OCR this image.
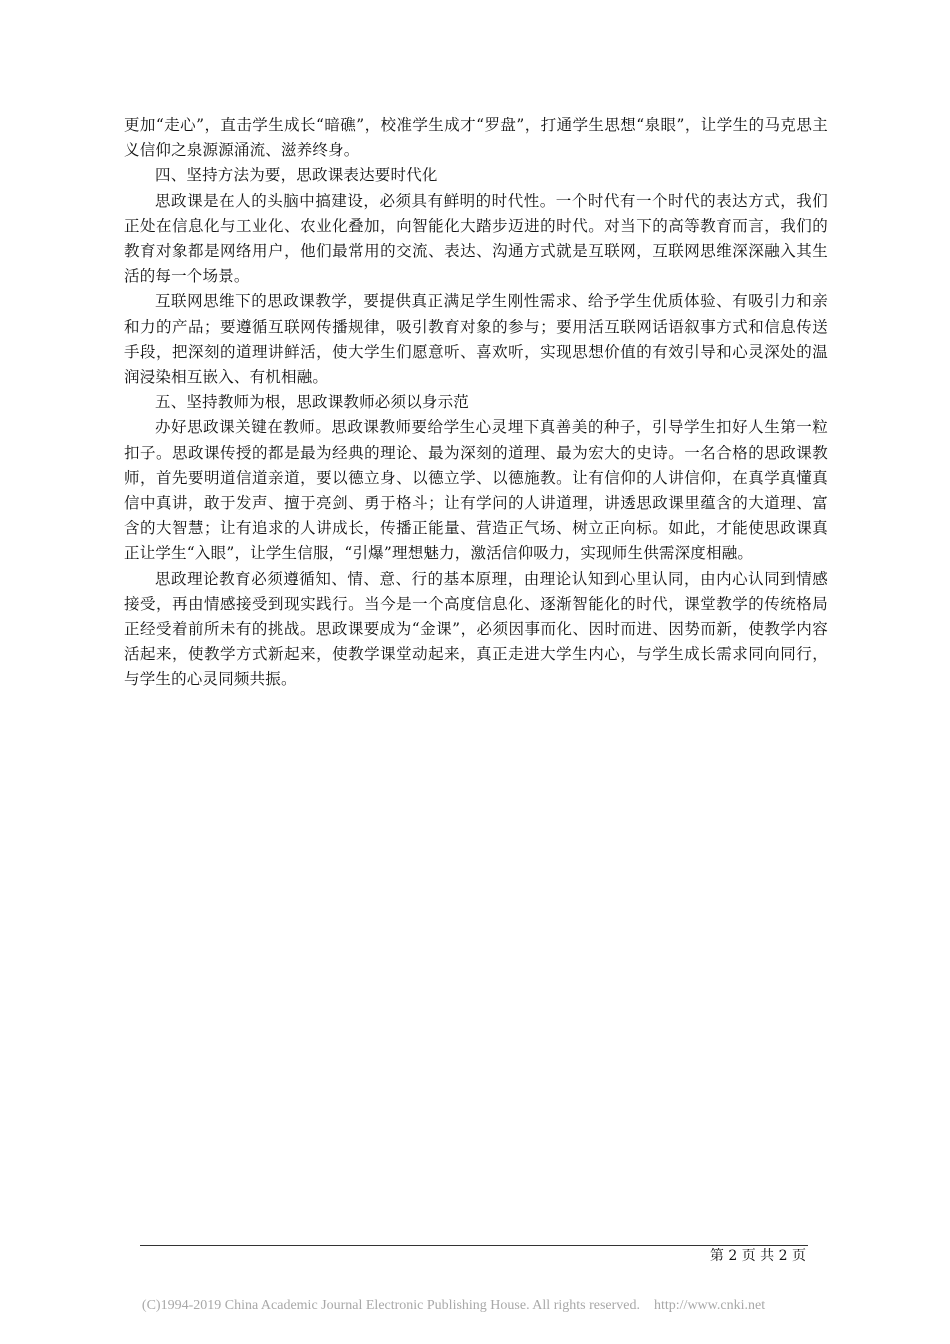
更加“走心”，直击学生成长“暗礁”，校准学生成才“罗盘”，打通学生思想“泉眼”，让学生的马克思主义信仰之泉源源涌流、滋养终身。

四、坚持方法为要，思政课表达要时代化

思政课是在人的头脑中搞建设，必须具有鲜明的时代性。一个时代有一个时代的表达方式，我们正处在信息化与工业化、农业化叠加，向智能化大踏步迈进的时代。对当下的高等教育而言，我们的教育对象都是网络用户，他们最常用的交流、表达、沟通方式就是互联网，互联网思维深深融入其生活的每一个场景。

互联网思维下的思政课教学，要提供真正满足学生刚性需求、给予学生优质体验、有吸引力和亲和力的产品；要遵循互联网传播规律，吸引教育对象的参与；要用活互联网话语叙事方式和信息传送手段，把深刻的道理讲鲜活，使大学生们愿意听、喜欢听，实现思想价值的有效引导和心灵深处的温润浸染相互嵌入、有机相融。

五、坚持教师为根，思政课教师必须以身示范

办好思政课关键在教师。思政课教师要给学生心灵埋下真善美的种子，引导学生扣好人生第一粒扣子。思政课传授的都是最为经典的理论、最为深刻的道理、最为宏大的史诗。一名合格的思政课教师，首先要明道信道亲道，要以德立身、以德立学、以德施教。让有信仰的人讲信仰，在真学真懂真信中真讲，敢于发声、擅于亮剑、勇于格斗；让有学问的人讲道理，讲透思政课里蕴含的大道理、富含的大智慧；让有追求的人讲成长，传播正能量、营造正气场、树立正向标。如此，才能使思政课真正让学生“入眼”，让学生信服，“引爆”理想魅力，激活信仰吸力，实现师生供需深度相融。

思政理论教育必须遵循知、情、意、行的基本原理，由理论认知到心里认同，由内心认同到情感接受，再由情感接受到现实践行。当今是一个高度信息化、逐渐智能化的时代，课堂教学的传统格局正经受着前所未有的挑战。思政课要成为“金课”，必须因事而化、因时而进、因势而新，使教学内容活起来，使教学方式新起来，使教学课堂动起来，真正走进大学生内心，与学生成长需求同向同行，与学生的心灵同频共振。

第 2 页 共 2 页
(C)1994-2019 China Academic Journal Electronic Publishing House. All rights reserved. http://www.cnki.net
